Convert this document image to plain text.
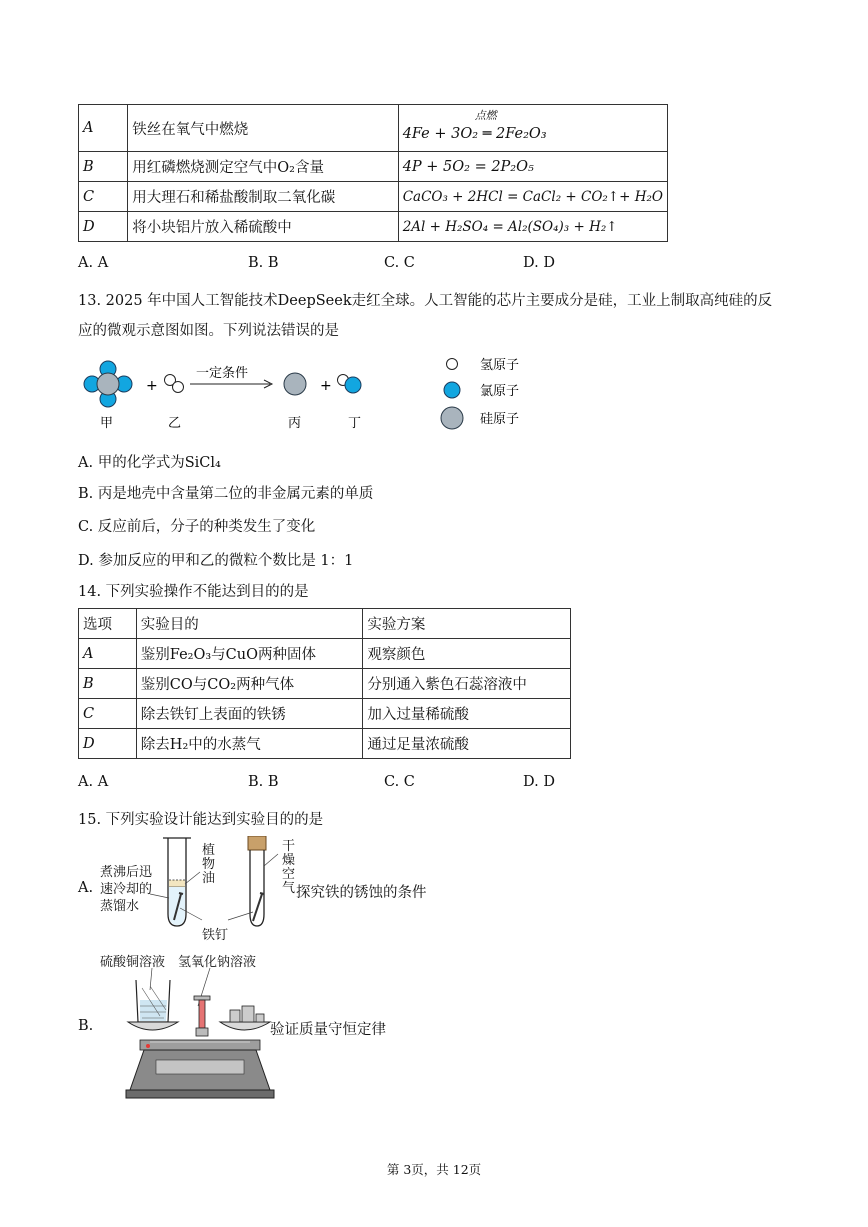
A	铁丝在氧气中燃烧	点燃
4Fe + 3O₂ ═ 2Fe₂O₃
B	用红磷燃烧测定空气中O₂含量	4P + 5O₂ = 2P₂O₅
C	用大理石和稀盐酸制取二氧化碳	CaCO₃ + 2HCl = CaCl₂ + CO₂↑+ H₂O
D	将小块铝片放入稀硫酸中	2Al + H₂SO₄ = Al₂(SO₄)₃ + H₂↑
A. A	B. B	C. C	D. D
13. 2025 年中国人工智能技术DeepSeek走红全球。人工智能的芯片主要成分是硅，工业上制取高纯硅的反
应的微观示意图如图。下列说法错误的是
+
一定条件
+
甲	乙	丙	丁
氢原子
氯原子
硅原子
A. 甲的化学式为SiCl₄
B. 丙是地壳中含量第二位的非金属元素的单质
C. 反应前后，分子的种类发生了变化
D. 参加反应的甲和乙的微粒个数比是 1：1
14. 下列实验操作不能达到目的的是
选项	实验目的	实验方案
A	鉴别Fe₂O₃与CuO两种固体	观察颜色
B	鉴别CO与CO₂两种气体	分别通入紫色石蕊溶液中
C	除去铁钉上表面的铁锈	加入过量稀硫酸
D	除去H₂中的水蒸气	通过足量浓硫酸
A. A	B. B	C. C	D. D
15. 下列实验设计能达到实验目的的是
A.
煮沸后迅速冷却的蒸馏水
植物油
干燥空气
铁钉
探究铁的锈蚀的条件
B.
硫酸铜溶液 氢氧化钠溶液
验证质量守恒定律
第 3页，共 12页
